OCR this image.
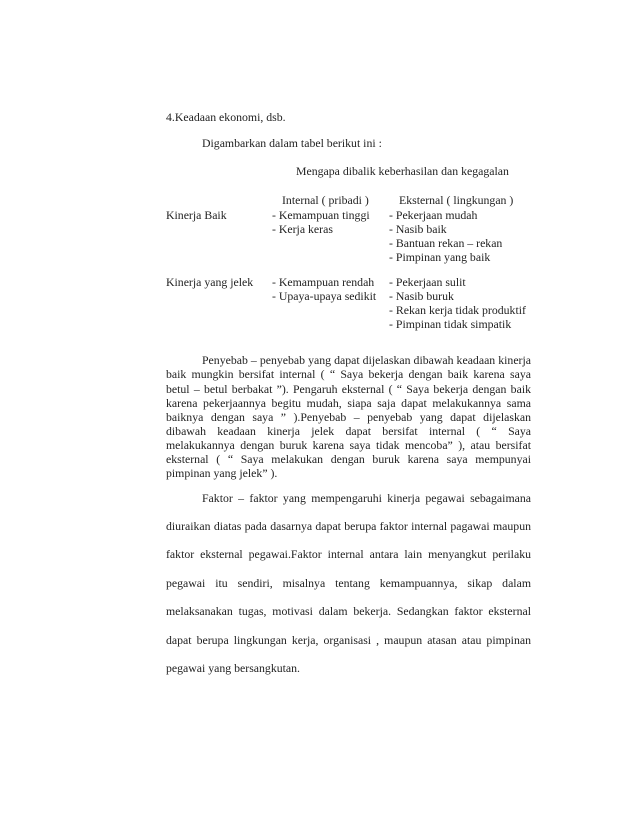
4.Keadaan ekonomi, dsb.
Digambarkan dalam tabel berikut ini :
Mengapa dibalik keberhasilan dan kegagalan
Internal ( pribadi )	Eksternal ( lingkungan )
Kinerja Baik	- Kemampuan tinggi
- Kerja keras
- Pekerjaan mudah
- Nasib baik
- Bantuan rekan – rekan
- Pimpinan yang baik
Kinerja yang jelek - Kemampuan rendah
- Upaya-upaya sedikit
- Pekerjaan sulit
- Nasib buruk
- Rekan kerja tidak produktif
- Pimpinan tidak simpatik
Penyebab – penyebab yang dapat dijelaskan dibawah keadaan kinerja
baik mungkin bersifat internal ( “ Saya bekerja dengan baik karena saya
betul – betul berbakat ”). Pengaruh eksternal ( “ Saya bekerja dengan baik
karena pekerjaannya begitu mudah, siapa saja dapat melakukannya sama
baiknya dengan saya ” ).Penyebab – penyebab yang dapat dijelaskan
dibawah keadaan kinerja jelek dapat bersifat internal ( “ Saya
melakukannya dengan buruk karena saya tidak mencoba” ), atau bersifat
eksternal ( “ Saya melakukan dengan buruk karena saya mempunyai
pimpinan yang jelek” ).
Faktor – faktor yang mempengaruhi kinerja pegawai sebagaimana
diuraikan diatas pada dasarnya dapat berupa faktor internal pagawai maupun
faktor eksternal pegawai.Faktor internal antara lain menyangkut perilaku
pegawai itu sendiri, misalnya tentang kemampuannya, sikap dalam
melaksanakan tugas, motivasi dalam bekerja. Sedangkan faktor eksternal
dapat berupa lingkungan kerja, organisasi , maupun atasan atau pimpinan
pegawai yang bersangkutan.
